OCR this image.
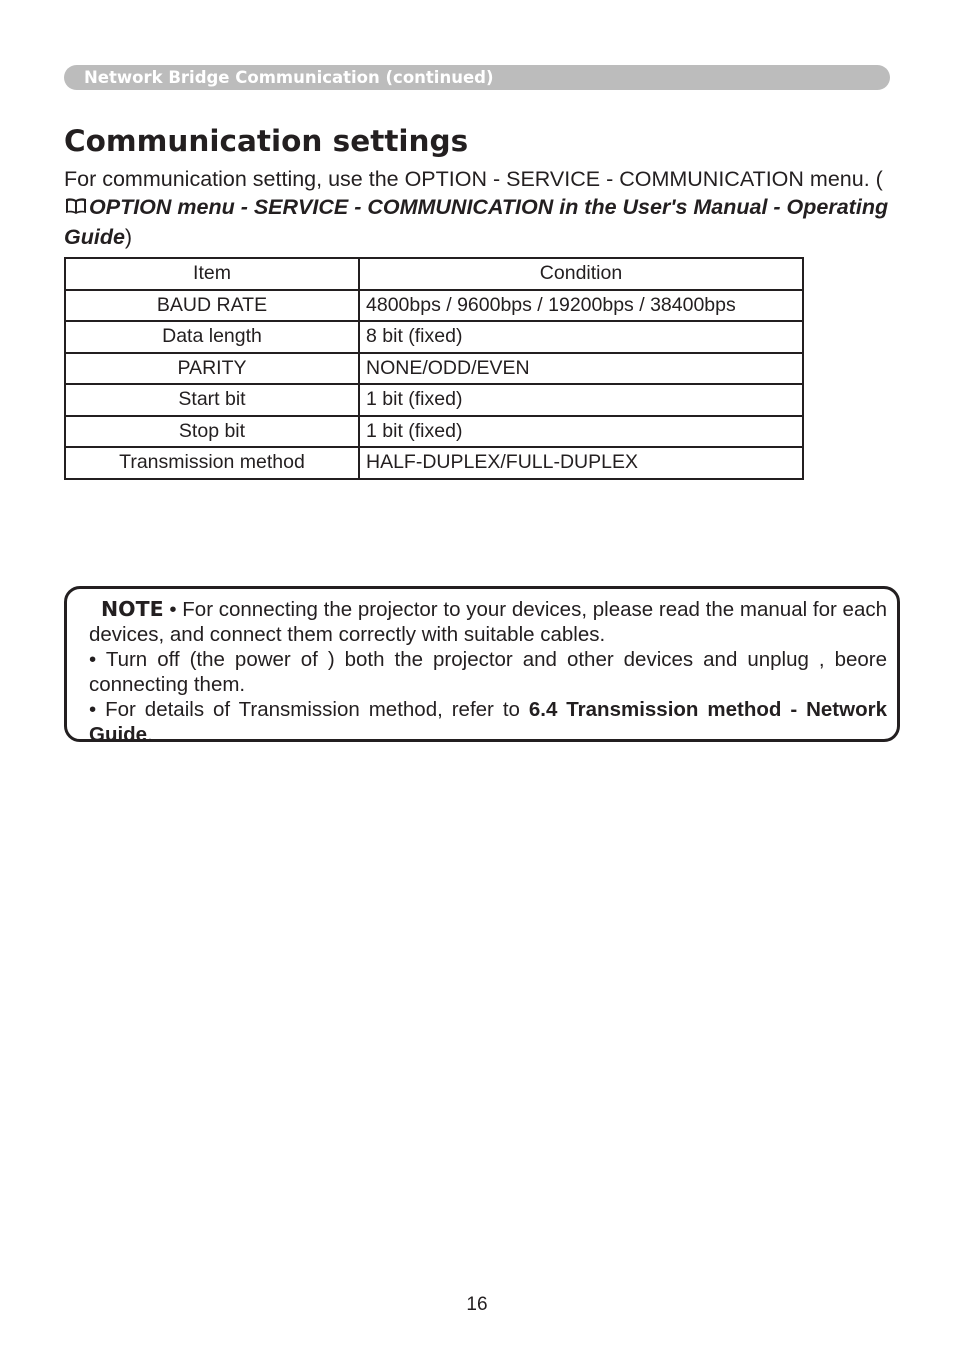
Network Bridge Communication (continued)
Communication settings
For communication setting, use the OPTION - SERVICE - COMMUNICATION menu. (OPTION menu - SERVICE - COMMUNICATION in the User's Manual - Operating Guide)
Item	Condition
BAUD RATE	4800bps / 9600bps / 19200bps / 38400bps
Data length	8 bit (fixed)
PARITY	NONE/ODD/EVEN
Start bit	1 bit (fixed)
Stop bit	1 bit (fixed)
Transmission method	HALF-DUPLEX/FULL-DUPLEX

NOTE • For connecting the projector to your devices, please read the manual for each devices, and connect them correctly with suitable cables.

• Turn off (the power of ) both the projector and other devices and unplug , beore connecting them.

• For details of Transmission method, refer to 6.4 Transmission method - Network Guide.

16
